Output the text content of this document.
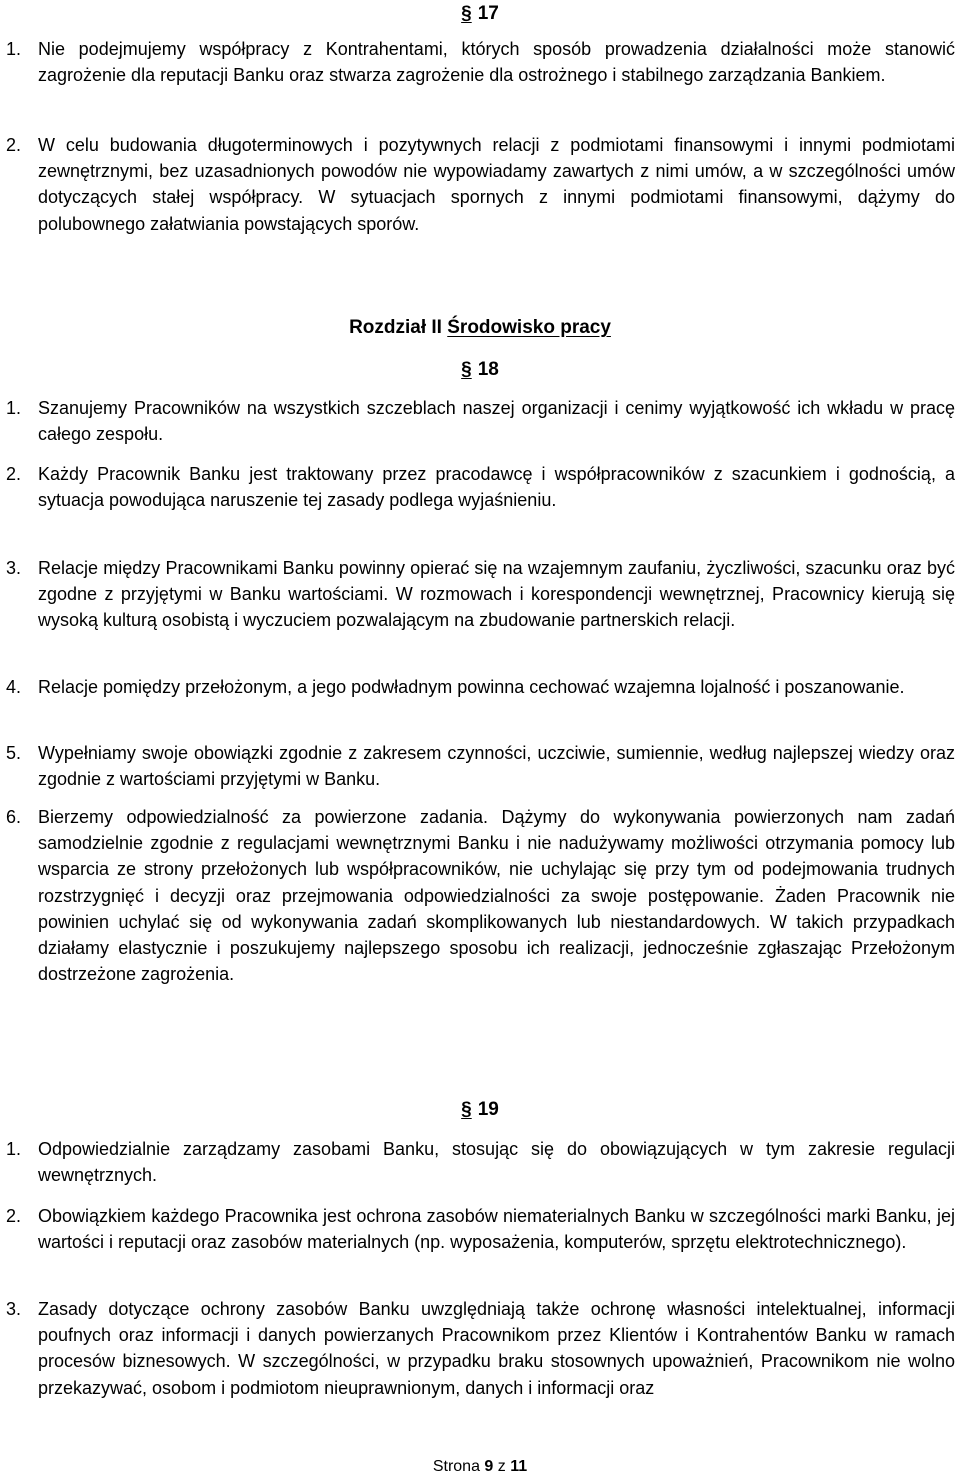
§ 17
1. Nie podejmujemy współpracy z Kontrahentami, których sposób prowadzenia działalności może stanowić zagrożenie dla reputacji Banku oraz stwarza zagrożenie dla ostrożnego i stabilnego zarządzania Bankiem.
2. W celu budowania długoterminowych i pozytywnych relacji z podmiotami finansowymi i innymi podmiotami zewnętrznymi, bez uzasadnionych powodów nie wypowiadamy zawartych z nimi umów, a w szczególności umów dotyczących stałej współpracy. W sytuacjach spornych z innymi podmiotami finansowymi, dążymy do polubownego załatwiania powstających sporów.
Rozdział II Środowisko pracy
§ 18
1. Szanujemy Pracowników na wszystkich szczeblach naszej organizacji i cenimy wyjątkowość ich wkładu w pracę całego zespołu.
2. Każdy Pracownik Banku jest traktowany przez pracodawcę i współpracowników z szacunkiem i godnością, a sytuacja powodująca naruszenie tej zasady podlega wyjaśnieniu.
3. Relacje między Pracownikami Banku powinny opierać się na wzajemnym zaufaniu, życzliwości, szacunku oraz być zgodne z przyjętymi w Banku wartościami. W rozmowach i korespondencji wewnętrznej, Pracownicy kierują się wysoką kulturą osobistą i wyczuciem pozwalającym na zbudowanie partnerskich relacji.
4. Relacje pomiędzy przełożonym, a jego podwładnym powinna cechować wzajemna lojalność i poszanowanie.
5. Wypełniamy swoje obowiązki zgodnie z zakresem czynności, uczciwie, sumiennie, według najlepszej wiedzy oraz zgodnie z wartościami przyjętymi w Banku.
6. Bierzemy odpowiedzialność za powierzone zadania. Dążymy do wykonywania powierzonych nam zadań samodzielnie zgodnie z regulacjami wewnętrznymi Banku i nie nadużywamy możliwości otrzymania pomocy lub wsparcia ze strony przełożonych lub współpracowników, nie uchylając się przy tym od podejmowania trudnych rozstrzygnięć i decyzji oraz przejmowania odpowiedzialności za swoje postępowanie. Żaden Pracownik nie powinien uchylać się od wykonywania zadań skomplikowanych lub niestandardowych. W takich przypadkach działamy elastycznie i poszukujemy najlepszego sposobu ich realizacji, jednocześnie zgłaszając Przełożonym dostrzeżone zagrożenia.
§ 19
1. Odpowiedzialnie zarządzamy zasobami Banku, stosując się do obowiązujących w tym zakresie regulacji wewnętrznych.
2. Obowiązkiem każdego Pracownika jest ochrona zasobów niematerialnych Banku w szczególności marki Banku, jej wartości i reputacji oraz zasobów materialnych (np. wyposażenia, komputerów, sprzętu elektrotechnicznego).
3. Zasady dotyczące ochrony zasobów Banku uwzględniają także ochronę własności intelektualnej, informacji poufnych oraz informacji i danych powierzanych Pracownikom przez Klientów i Kontrahentów Banku w ramach procesów biznesowych. W szczególności, w przypadku braku stosownych upoważnień, Pracownikom nie wolno przekazywać, osobom i podmiotom nieuprawnionym, danych i informacji oraz
Strona 9 z 11
